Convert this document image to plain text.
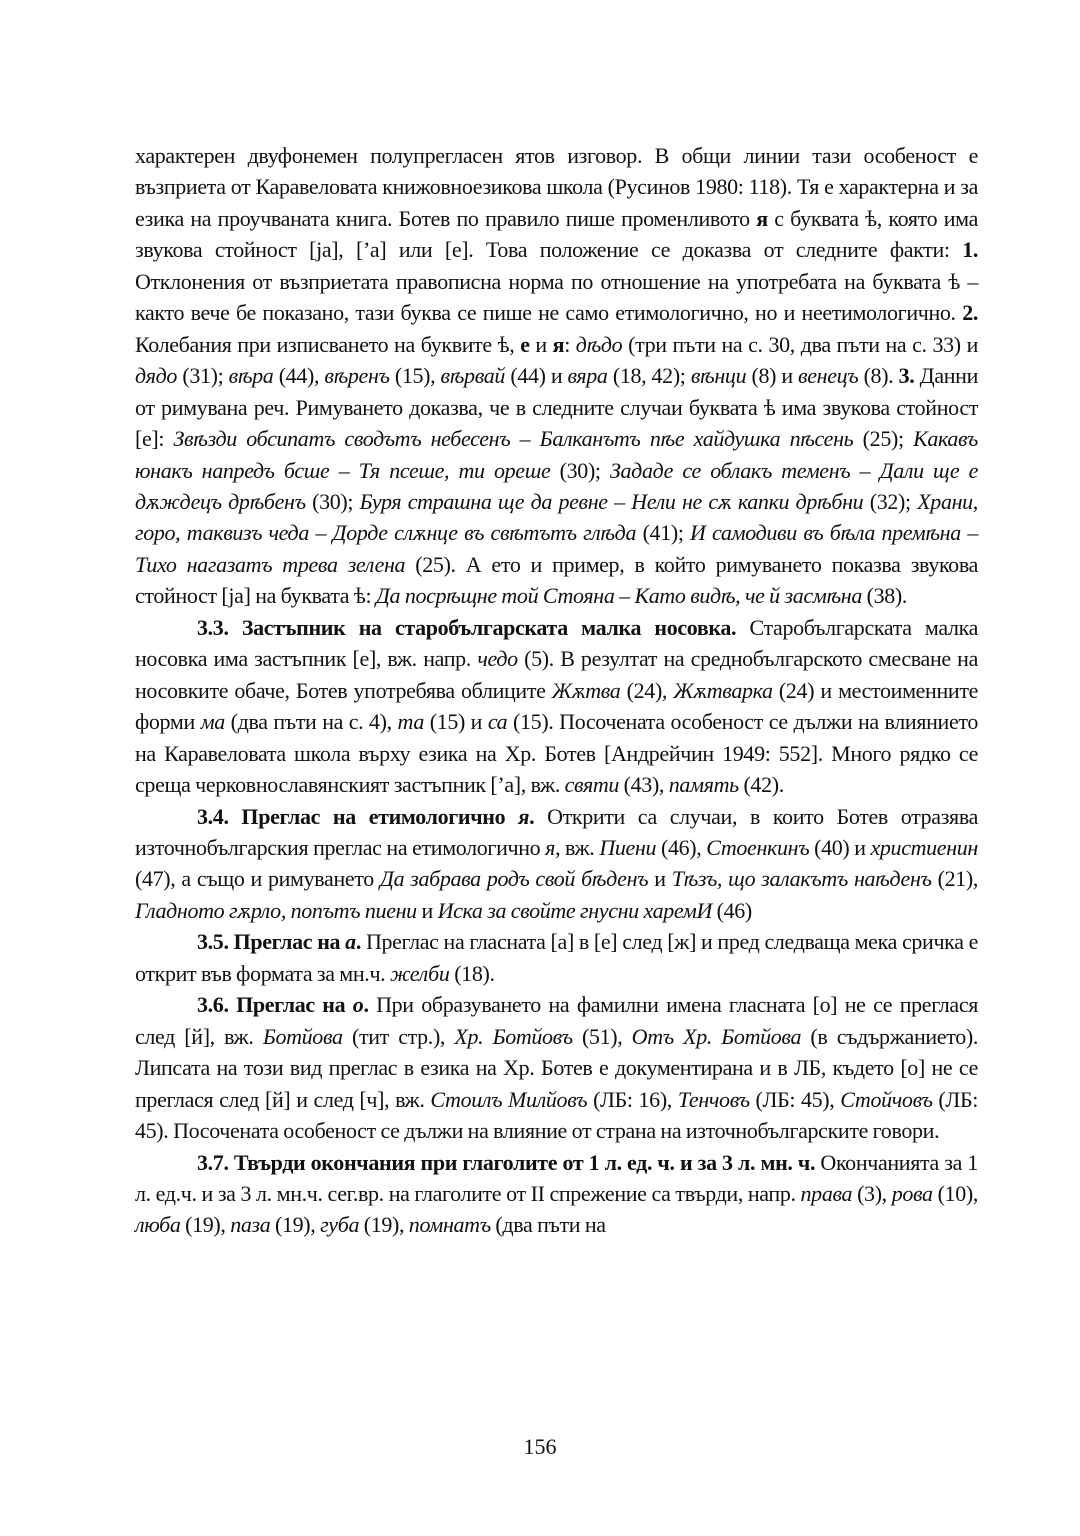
характерен двуфонемен полупрегласен ятов изговор. В общи линии тази особеност е възприета от Каравеловата книжовноезикова школа (Русинов 1980: 118). Тя е характерна и за езика на проучваната книга. Ботев по правило пише променливото я с буквата ѣ, която има звукова стойност [ja], [’а] или [е]. Това положение се доказва от следните факти: 1. Отклонения от възприетата правописна норма по отношение на употребата на буквата ѣ – както вече бе показано, тази буква се пише не само етимологично, но и неетимологично. 2. Колебания при изписването на буквите ѣ, е и я: дѣдо (три пъти на с. 30, два пъти на с. 33) и дядо (31); вѣра (44), вѣренъ (15), вѣрвай (44) и вяра (18, 42); вѣнци (8) и венецъ (8). 3. Данни от римувана реч. Римуването доказва, че в следните случаи буквата ѣ има звукова стойност [е]: Звѣзди обсипатъ сводътъ небесенъ – Балканътъ пѣе хайдушка пѣсень (25); Какавъ юнакъ напредъ бсше – Тя псеше, ти ореше (30); Зададе се облакъ теменъ – Дали ще е дѫждецъ дрѣбенъ (30); Буря страшна ще да ревне – Нели не сѫ капки дрѣбни (32); Храни, горо, таквизъ чеда – Дорде слѫнце въ свѣтътъ глѣда (41); И самодиви въ бѣла премѣна – Тихо нагазатъ трева зелена (25). А ето и пример, в който римуването показва звукова стойност [ja] на буквата ѣ: Да посрѣщне той Стояна – Като видѣ, че й засмѣна (38).

3.3. Застъпник на старобългарската малка носовка. Старобългарската малка носовка има застъпник [е], вж. напр. чедо (5). В резултат на среднобългарското смесване на носовките обаче, Ботев употребява облиците Жѫтва (24), Жѫтварка (24) и местоименните форми ма (два пъти на с. 4), та (15) и са (15). Посочената особеност се дължи на влиянието на Каравеловата школа върху езика на Хр. Ботев [Андрейчин 1949: 552]. Много рядко се среща черковнославянският застъпник [’а], вж. святи (43), память (42).

3.4. Преглас на етимологично я. Открити са случаи, в които Ботев отразява източнобългарския преглас на етимологично я, вж. Пиени (46), Стоенкинъ (40) и христиенин (47), а също и римуването Да забрава родъ свой бѣденъ и Тѣзъ, що залакътъ наѣденъ (21), Гладното гѫрло, попътъ пиени и Иска за свойте гнусни харемИ (46)

3.5. Преглас на а. Преглас на гласната [а] в [е] след [ж] и пред следваща мека сричка е открит във формата за мн.ч. желби (18).

3.6. Преглас на о. При образуването на фамилни имена гласната [о] не се преглася след [й], вж. Ботйова (тит стр.), Хр. Ботйовъ (51), Отъ Хр. Ботйова (в съдържанието). Липсата на този вид преглас в езика на Хр. Ботев е документирана и в ЛБ, където [о] не се преглася след [й] и след [ч], вж. Стоилъ Милйовъ (ЛБ: 16), Тенчовъ (ЛБ: 45), Стойчовъ (ЛБ: 45). Посочената особеност се дължи на влияние от страна на източнобългарските говори.

3.7. Твърди окончания при глаголите от 1 л. ед. ч. и за 3 л. мн. ч. Окончанията за 1 л. ед.ч. и за 3 л. мн.ч. сег.вр. на глаголите от II спрежение са твърди, напр. права (3), рова (10), люба (19), паза (19), губа (19), помнатъ (два пъти на

156
